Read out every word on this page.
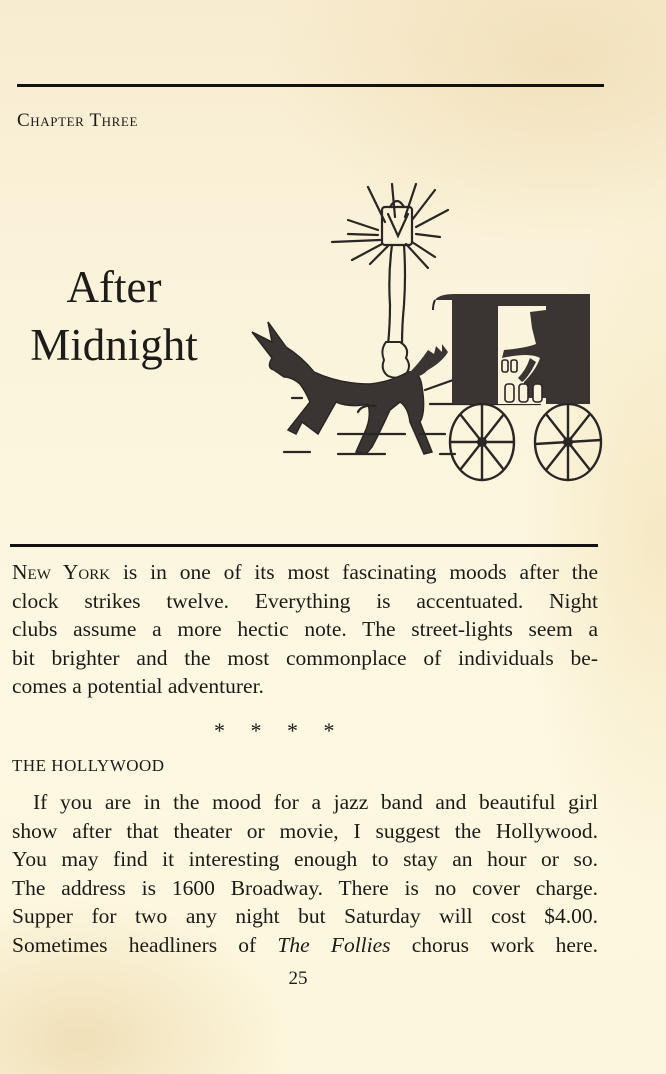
Chapter Three
After
Midnight
New York is in one of its most fascinating moods after the
clock strikes twelve. Everything is accentuated. Night
clubs assume a more hectic note. The street-lights seem a
bit brighter and the most commonplace of individuals be-
comes a potential adventurer.
* * * *
THE HOLLYWOOD
If you are in the mood for a jazz band and beautiful girl
show after that theater or movie, I suggest the Hollywood.
You may find it interesting enough to stay an hour or so.
The address is 1600 Broadway. There is no cover charge.
Supper for two any night but Saturday will cost $4.00.
Sometimes headliners of The Follies chorus work here.
25
